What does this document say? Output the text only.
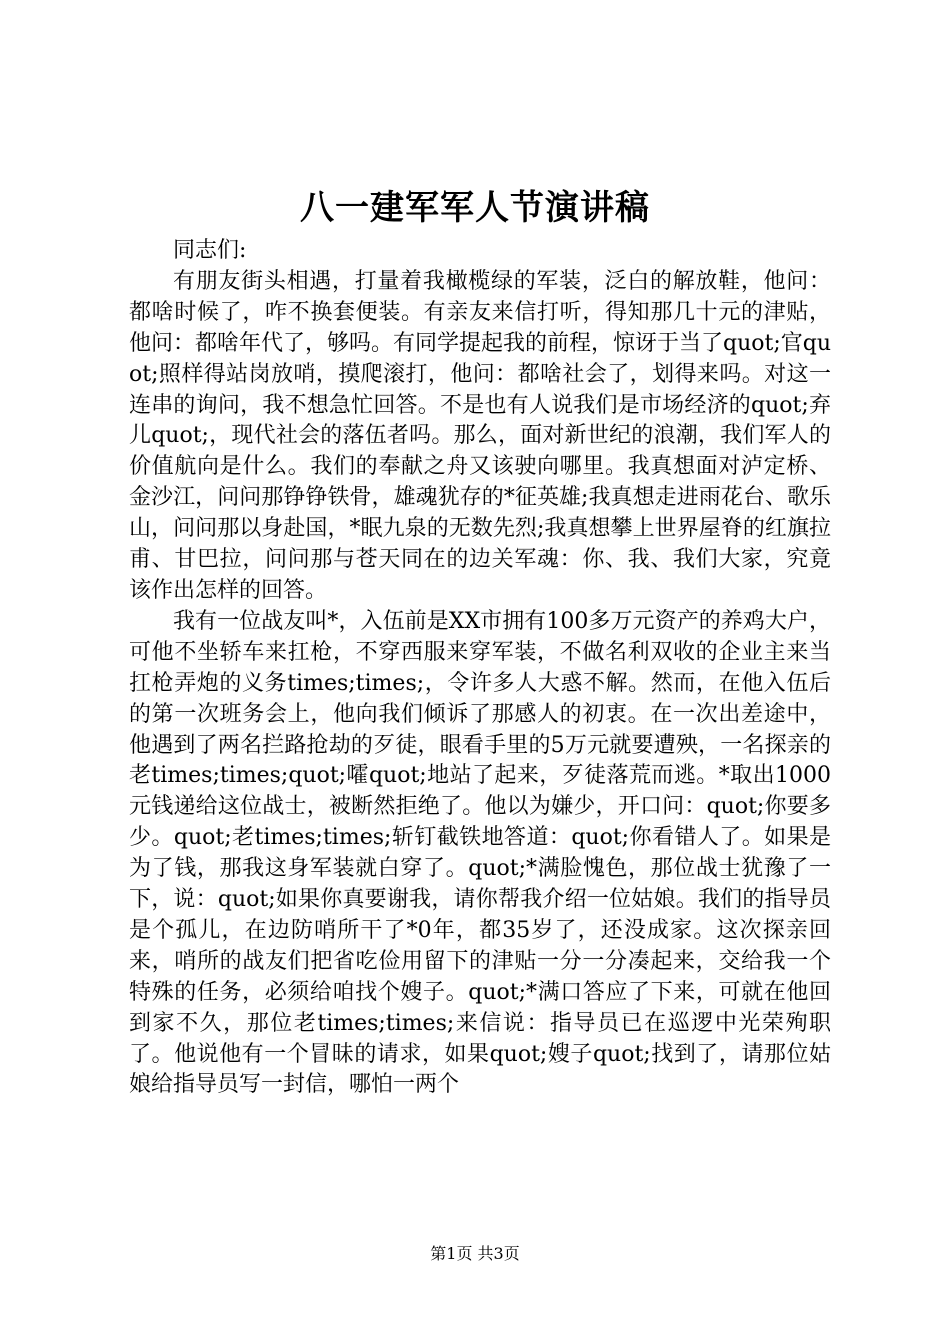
八一建军军人节演讲稿

同志们:

有朋友街头相遇，打量着我橄榄绿的军装，泛白的解放鞋，他问：都啥时候了，咋不换套便装。有亲友来信打听，得知那几十元的津贴，他问：都啥年代了，够吗。有同学提起我的前程，惊讶于当了quot;官quot;照样得站岗放哨，摸爬滚打，他问：都啥社会了，划得来吗。对这一连串的询问，我不想急忙回答。不是也有人说我们是市场经济的quot;弃儿quot;，现代社会的落伍者吗。那么，面对新世纪的浪潮，我们军人的价值航向是什么。我们的奉献之舟又该驶向哪里。我真想面对泸定桥、金沙江，问问那铮铮铁骨，雄魂犹存的*征英雄;我真想走进雨花台、歌乐山，问问那以身赴国，*眠九泉的无数先烈;我真想攀上世界屋脊的红旗拉甫、甘巴拉，问问那与苍天同在的边关军魂：你、我、我们大家，究竟该作出怎样的回答。

我有一位战友叫*，入伍前是XX市拥有100多万元资产的养鸡大户，可他不坐轿车来扛枪，不穿西服来穿军装，不做名利双收的企业主来当扛枪弄炮的义务times;times;，令许多人大惑不解。然而，在他入伍后的第一次班务会上，他向我们倾诉了那感人的初衷。在一次出差途中，他遇到了两名拦路抢劫的歹徒，眼看手里的5万元就要遭殃，一名探亲的老times;times;quot;嚯quot;地站了起来，歹徒落荒而逃。*取出1000元钱递给这位战士，被断然拒绝了。他以为嫌少，开口问：quot;你要多少。quot;老times;times;斩钉截铁地答道：quot;你看错人了。如果是为了钱，那我这身军装就白穿了。quot;*满脸愧色，那位战士犹豫了一下，说：quot;如果你真要谢我，请你帮我介绍一位姑娘。我们的指导员是个孤儿，在边防哨所干了*0年，都35岁了，还没成家。这次探亲回来，哨所的战友们把省吃俭用留下的津贴一分一分凑起来，交给我一个特殊的任务，必须给咱找个嫂子。quot;*满口答应了下来，可就在他回到家不久，那位老times;times;来信说：指导员已在巡逻中光荣殉职了。他说他有一个冒昧的请求，如果quot;嫂子quot;找到了，请那位姑娘给指导员写一封信，哪怕一两个

第1页 共3页
